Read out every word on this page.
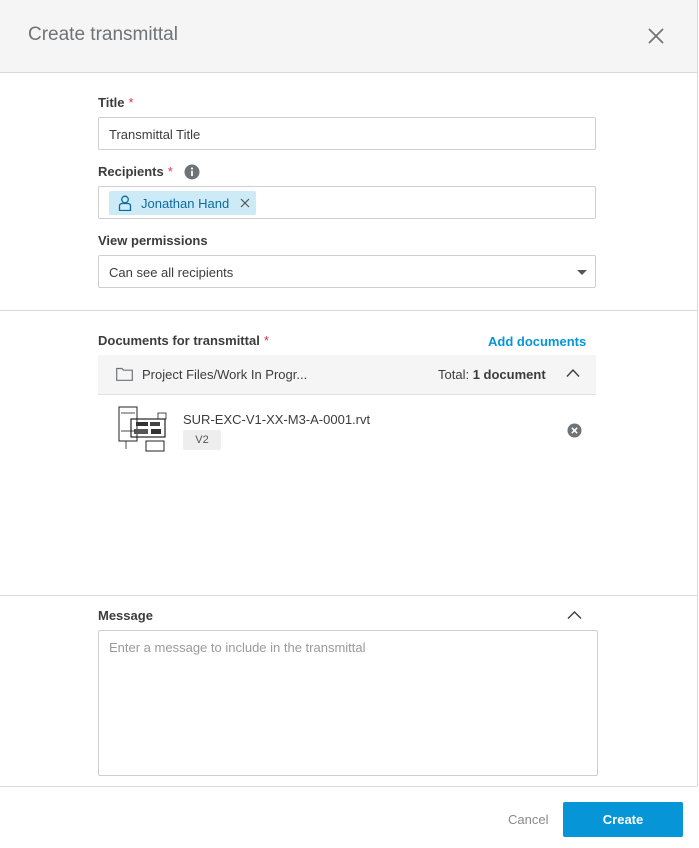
Create transmittal
Title *
Transmittal Title
Recipients *
Jonathan Hand
View permissions
Can see all recipients
Documents for transmittal *	Add documents
Project Files/Work In Progr...	Total: 1 document
SUR-EXC-V1-XX-M3-A-0001.rvt
V2
Message
Enter a message to include in the transmittal
Cancel	Create
